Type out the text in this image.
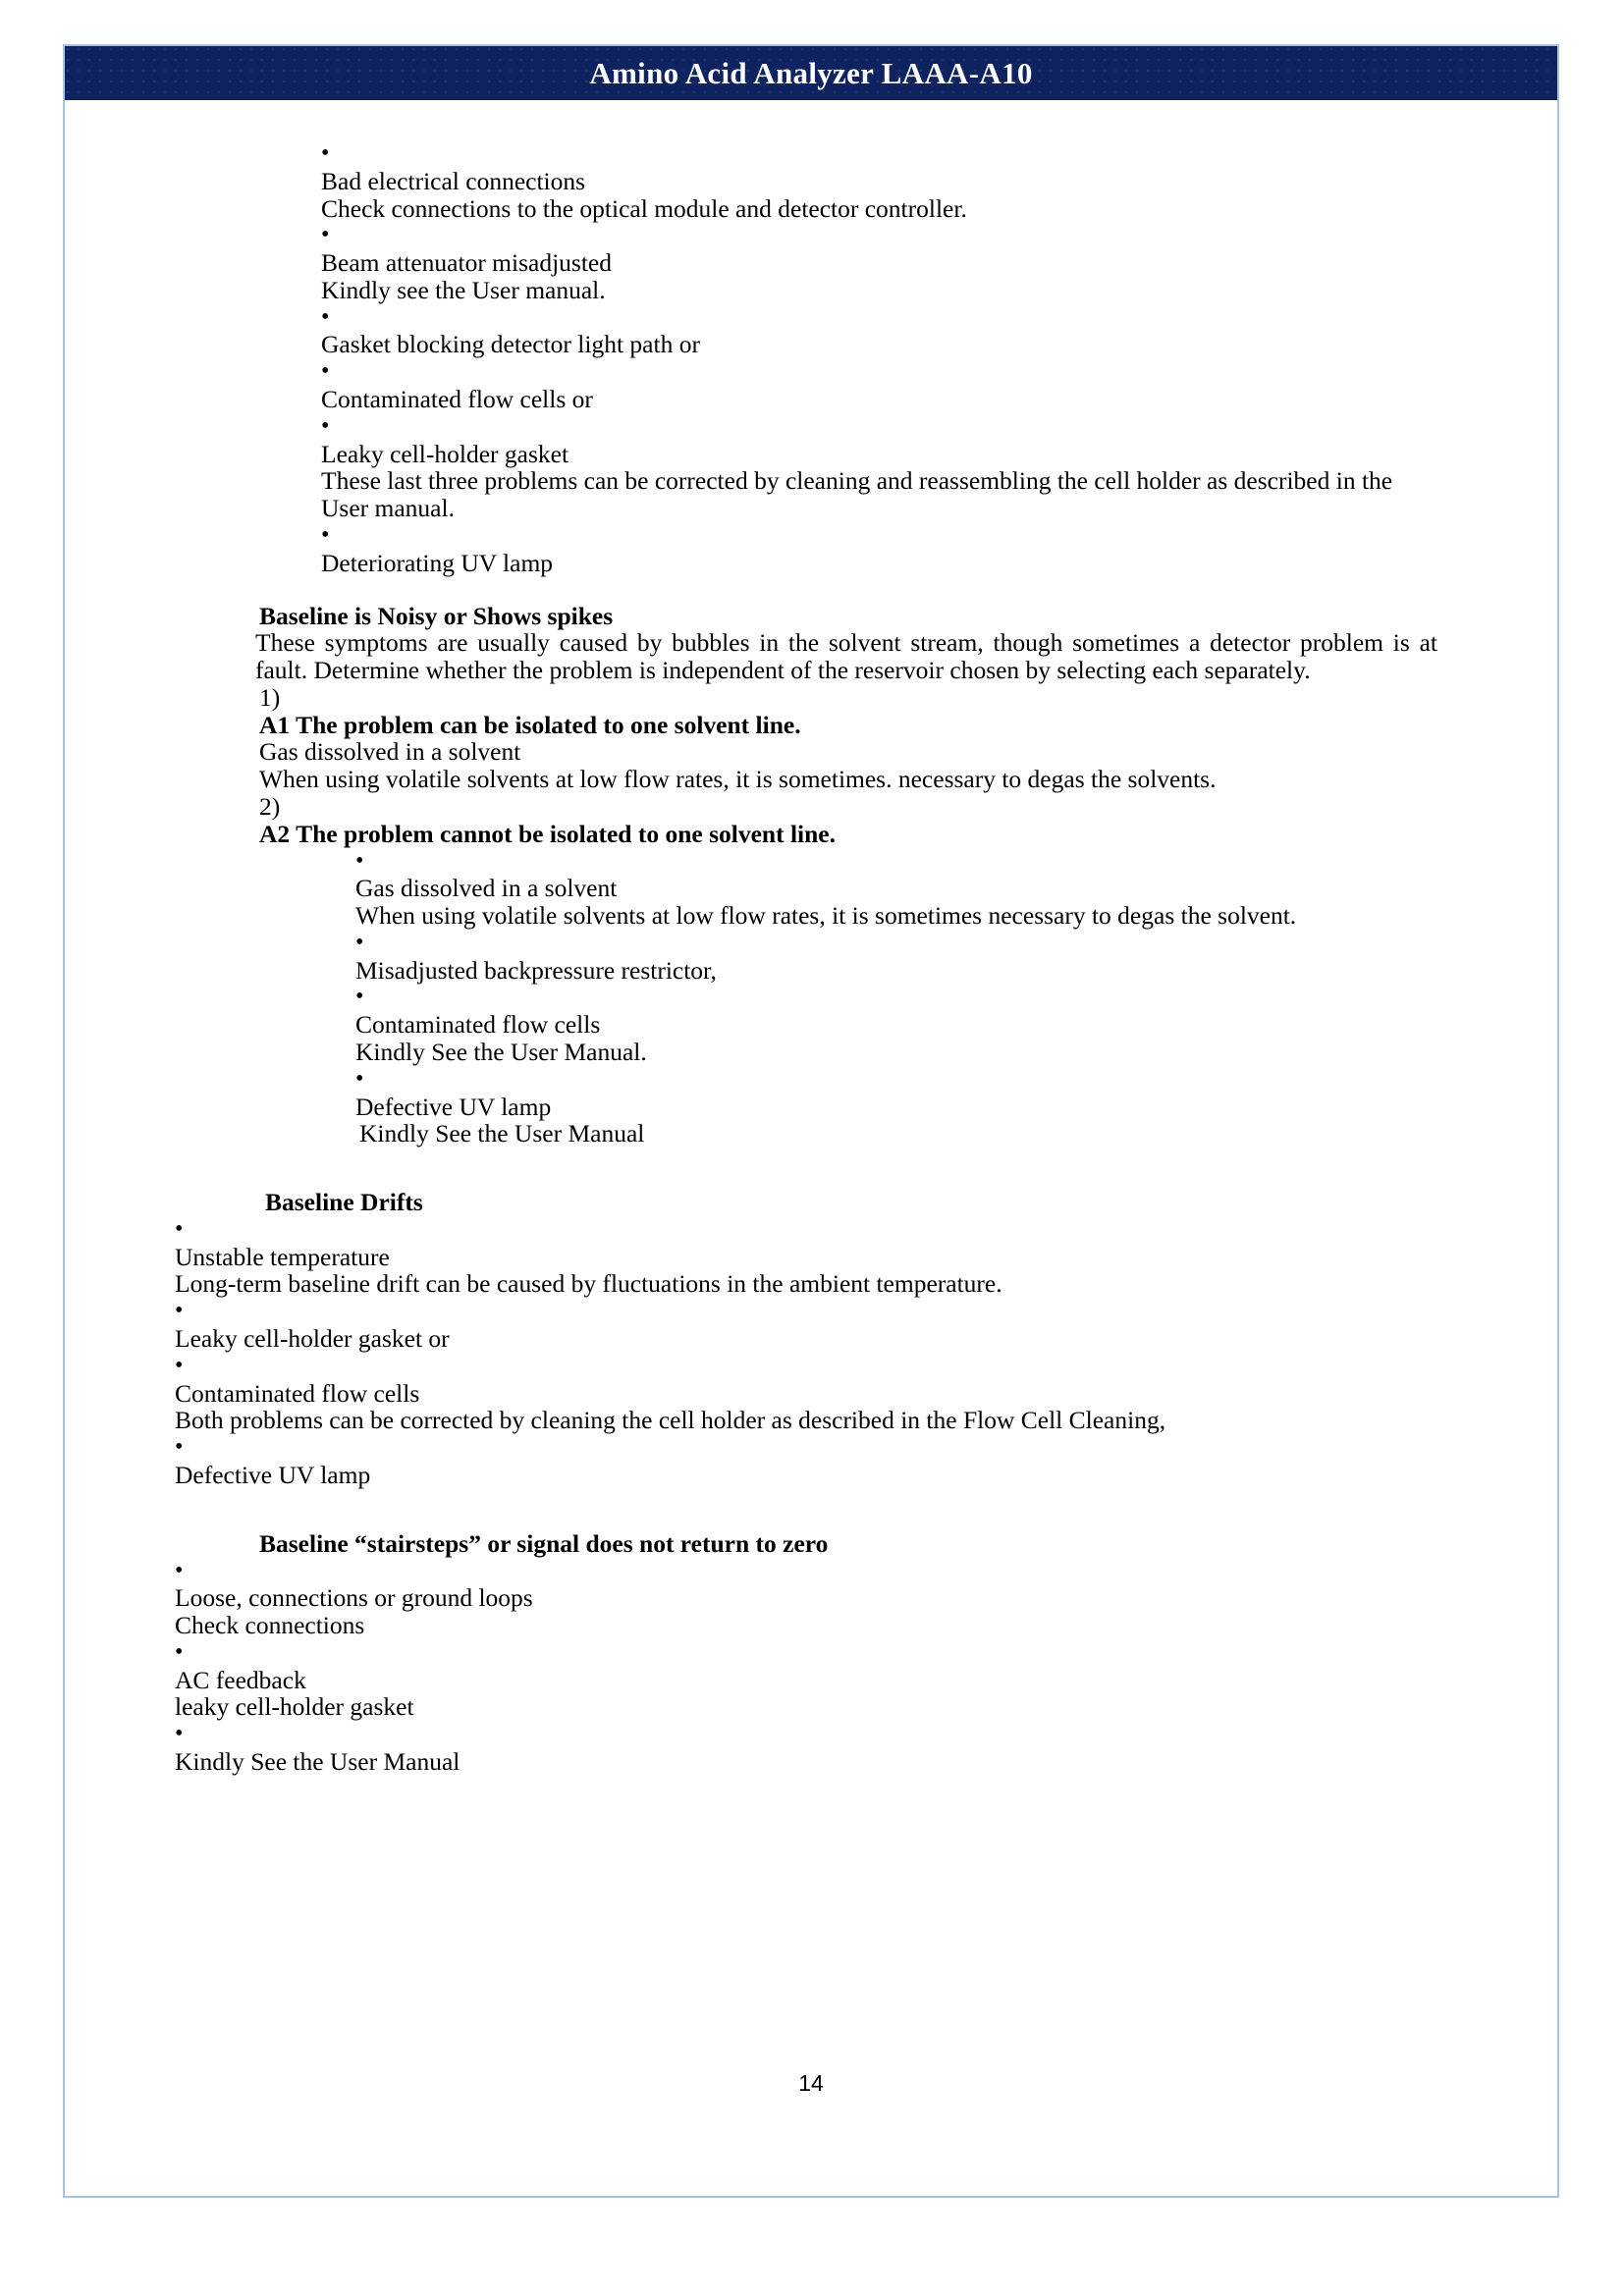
Amino Acid Analyzer LAAA-A10
•
Bad electrical connections
Check connections to the optical module and detector controller.
•
Beam attenuator misadjusted
Kindly see the User manual.
•
Gasket blocking detector light path or
•
Contaminated flow cells or
•
Leaky cell-holder gasket
These last three problems can be corrected by cleaning and reassembling the cell holder as described in the User manual.
•
Deteriorating UV lamp
Baseline is Noisy or Shows spikes
These symptoms are usually caused by bubbles in the solvent stream, though sometimes a detector problem is at fault. Determine whether the problem is independent of the reservoir chosen by selecting each separately.
1)
A1 The problem can be isolated to one solvent line.
Gas dissolved in a solvent
When using volatile solvents at low flow rates, it is sometimes. necessary to degas the solvents.
2)
A2 The problem cannot be isolated to one solvent line.
•
Gas dissolved in a solvent
When using volatile solvents at low flow rates, it is sometimes necessary to degas the solvent.
•
Misadjusted backpressure restrictor,
•
Contaminated flow cells
Kindly See the User Manual.
•
Defective UV lamp
Kindly See the User Manual
Baseline Drifts
•
Unstable temperature
Long-term baseline drift can be caused by fluctuations in the ambient temperature.
•
Leaky cell-holder gasket or
•
Contaminated flow cells
Both problems can be corrected by cleaning the cell holder as described in the Flow Cell Cleaning,
•
Defective UV lamp
Baseline “stairsteps” or signal does not return to zero
•
Loose, connections or ground loops
Check connections
•
AC feedback
leaky cell-holder gasket
•
Kindly See the User Manual
14
